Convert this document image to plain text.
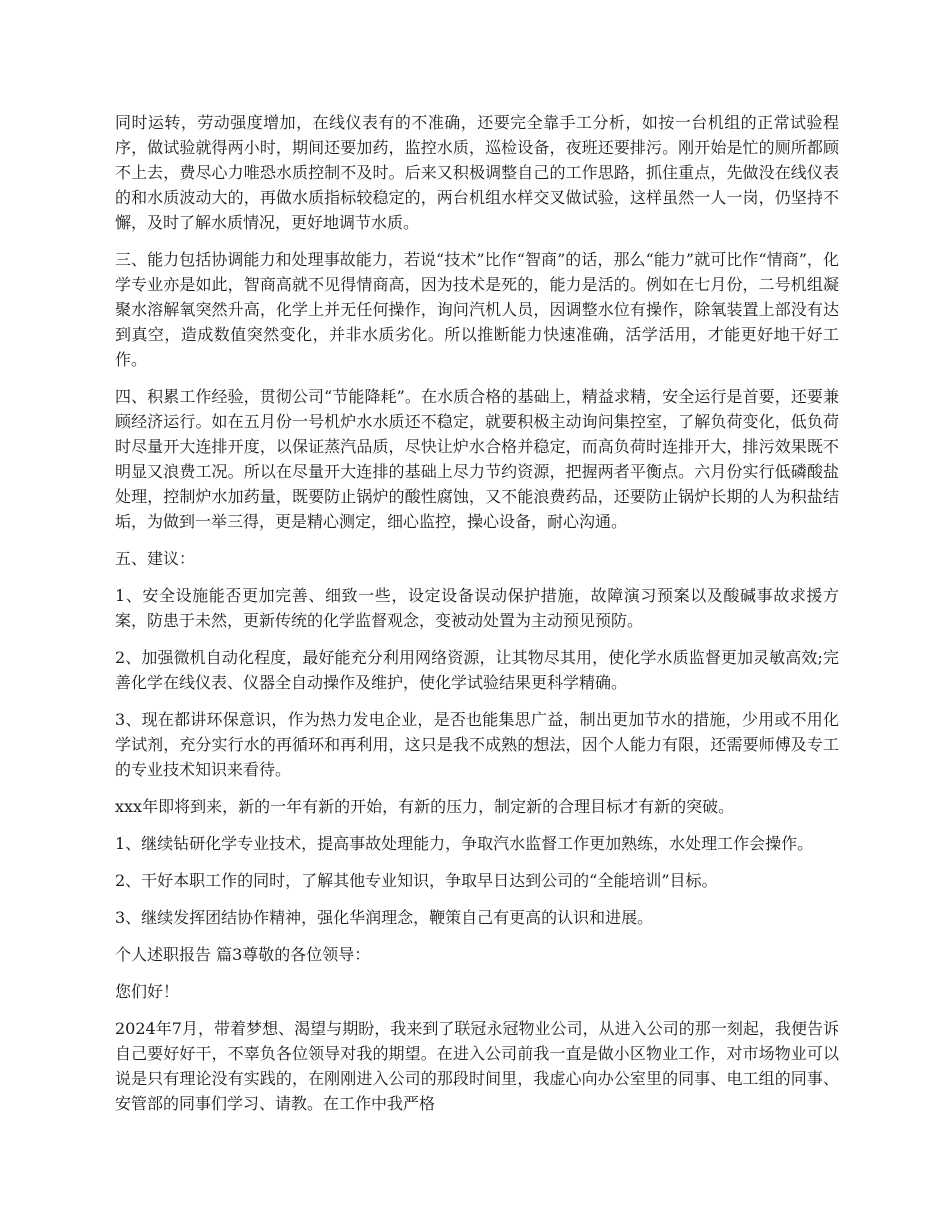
同时运转，劳动强度增加，在线仪表有的不准确，还要完全靠手工分析，如按一台机组的正常试验程序，做试验就得两小时，期间还要加药，监控水质，巡检设备，夜班还要排污。刚开始是忙的厕所都顾不上去，费尽心力唯恐水质控制不及时。后来又积极调整自己的工作思路，抓住重点，先做没在线仪表的和水质波动大的，再做水质指标较稳定的，两台机组水样交叉做试验，这样虽然一人一岗，仍坚持不懈，及时了解水质情况，更好地调节水质。

三、能力包括协调能力和处理事故能力，若说“技术”比作“智商”的话，那么“能力”就可比作“情商”，化学专业亦是如此，智商高就不见得情商高，因为技术是死的，能力是活的。例如在七月份，二号机组凝聚水溶解氧突然升高，化学上并无任何操作，询问汽机人员，因调整水位有操作，除氧装置上部没有达到真空，造成数值突然变化，并非水质劣化。所以推断能力快速准确，活学活用，才能更好地干好工作。

四、积累工作经验，贯彻公司“节能降耗”。在水质合格的基础上，精益求精，安全运行是首要，还要兼顾经济运行。如在五月份一号机炉水水质还不稳定，就要积极主动询问集控室，了解负荷变化，低负荷时尽量开大连排开度，以保证蒸汽品质，尽快让炉水合格并稳定，而高负荷时连排开大，排污效果既不明显又浪费工况。所以在尽量开大连排的基础上尽力节约资源，把握两者平衡点。六月份实行低磷酸盐处理，控制炉水加药量，既要防止锅炉的酸性腐蚀，又不能浪费药品，还要防止锅炉长期的人为积盐结垢，为做到一举三得，更是精心测定，细心监控，操心设备，耐心沟通。

五、建议：

1、安全设施能否更加完善、细致一些，设定设备误动保护措施，故障演习预案以及酸碱事故求援方案，防患于未然，更新传统的化学监督观念，变被动处置为主动预见预防。

2、加强微机自动化程度，最好能充分利用网络资源，让其物尽其用，使化学水质监督更加灵敏高效;完善化学在线仪表、仪器全自动操作及维护，使化学试验结果更科学精确。

3、现在都讲环保意识，作为热力发电企业，是否也能集思广益，制出更加节水的措施，少用或不用化学试剂，充分实行水的再循环和再利用，这只是我不成熟的想法，因个人能力有限，还需要师傅及专工的专业技术知识来看待。

xxx年即将到来，新的一年有新的开始，有新的压力，制定新的合理目标才有新的突破。

1、继续钻研化学专业技术，提高事故处理能力，争取汽水监督工作更加熟练，水处理工作会操作。

2、干好本职工作的同时，了解其他专业知识，争取早日达到公司的“全能培训”目标。

3、继续发挥团结协作精神，强化华润理念，鞭策自己有更高的认识和进展。

个人述职报告 篇3尊敬的各位领导：

您们好！

2024年7月，带着梦想、渴望与期盼，我来到了联冠永冠物业公司，从进入公司的那一刻起，我便告诉自己要好好干，不辜负各位领导对我的期望。在进入公司前我一直是做小区物业工作，对市场物业可以说是只有理论没有实践的，在刚刚进入公司的那段时间里，我虚心向办公室里的同事、电工组的同事、安管部的同事们学习、请教。在工作中我严格
